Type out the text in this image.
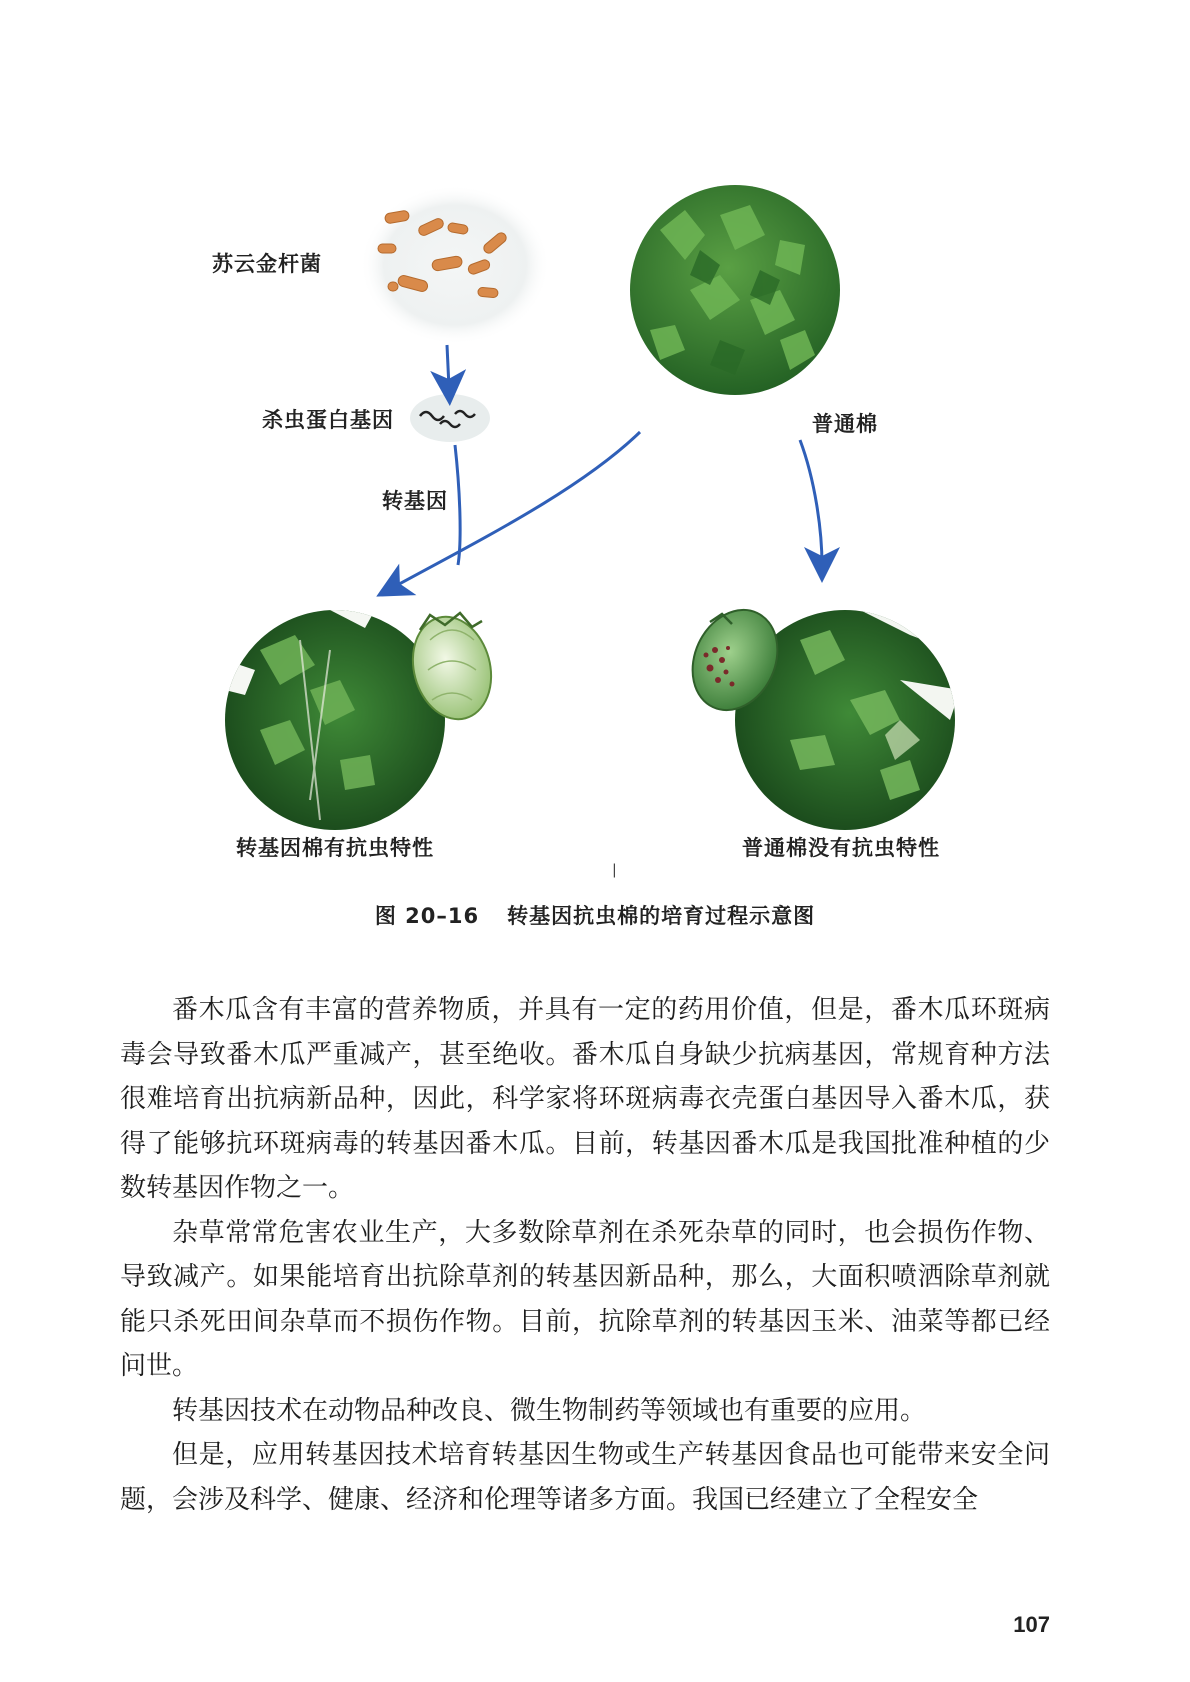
|
苏云金杆菌
杀虫蛋白基因
转基因
普通棉
转基因棉有抗虫特性	普通棉没有抗虫特性
图 20–16 转基因抗虫棉的培育过程示意图

番木瓜含有丰富的营养物质，并具有一定的药用价值，但是，番木瓜环斑病毒会导致番木瓜严重减产，甚至绝收。番木瓜自身缺少抗病基因，常规育种方法很难培育出抗病新品种，因此，科学家将环斑病毒衣壳蛋白基因导入番木瓜，获得了能够抗环斑病毒的转基因番木瓜。目前，转基因番木瓜是我国批准种植的少数转基因作物之一。

杂草常常危害农业生产，大多数除草剂在杀死杂草的同时，也会损伤作物、导致减产。如果能培育出抗除草剂的转基因新品种，那么，大面积喷洒除草剂就能只杀死田间杂草而不损伤作物。目前，抗除草剂的转基因玉米、油菜等都已经问世。

转基因技术在动物品种改良、微生物制药等领域也有重要的应用。

但是，应用转基因技术培育转基因生物或生产转基因食品也可能带来安全问题，会涉及科学、健康、经济和伦理等诸多方面。我国已经建立了全程安全

107
